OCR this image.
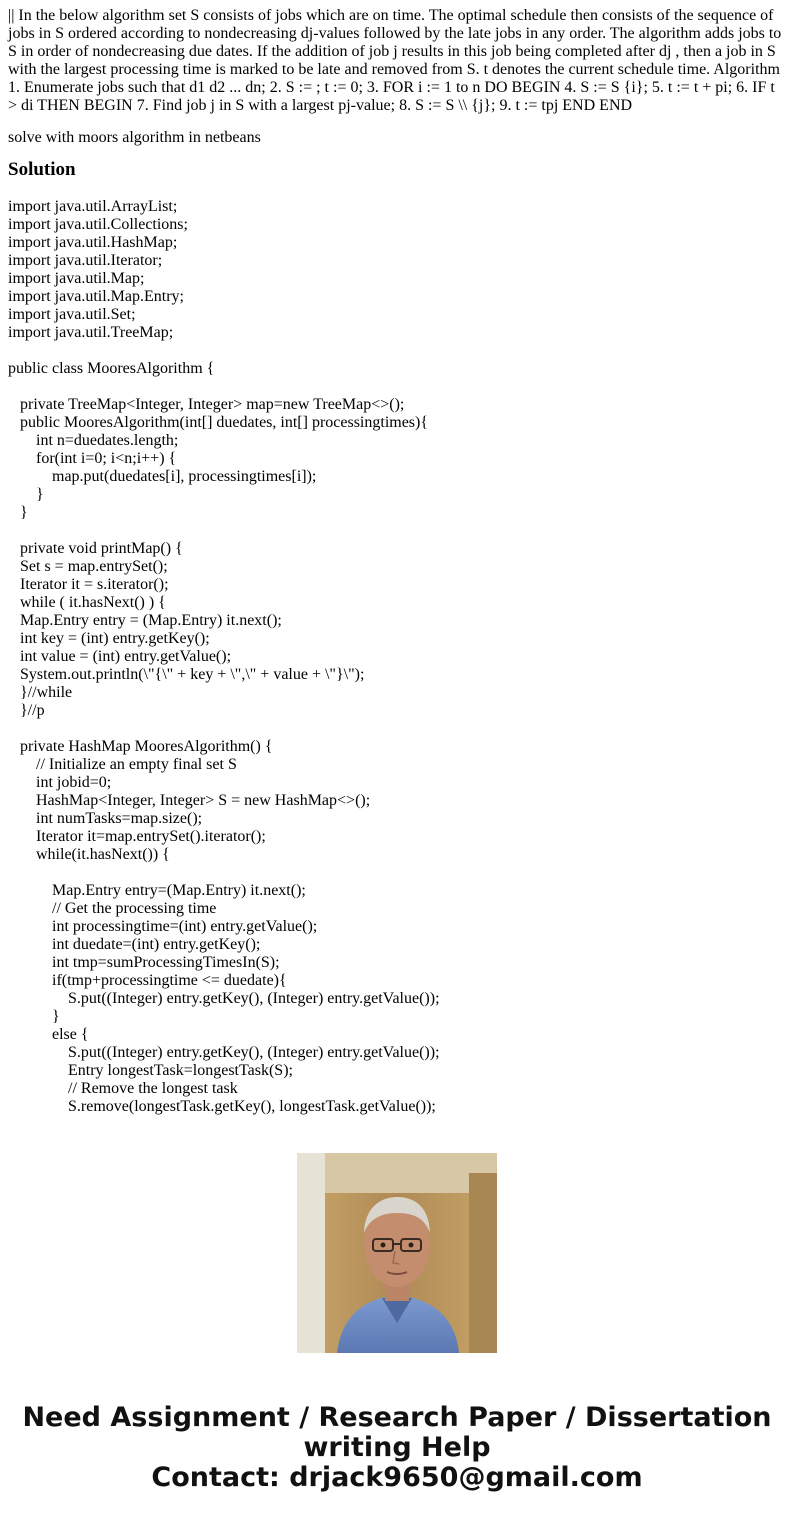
|| In the below algorithm set S consists of jobs which are on time. The optimal schedule then consists of the sequence of jobs in S ordered according to nondecreasing dj-values followed by the late jobs in any order. The algorithm adds jobs to S in order of nondecreasing due dates. If the addition of job j results in this job being completed after dj , then a job in S with the largest processing time is marked to be late and removed from S. t denotes the current schedule time. Algorithm 1. Enumerate jobs such that d1 d2 ... dn; 2. S := ; t := 0; 3. FOR i := 1 to n DO BEGIN 4. S := S {i}; 5. t := t + pi; 6. IF t > di THEN BEGIN 7. Find job j in S with a largest pj-value; 8. S := S \\ {j}; 9. t := tpj END END

solve with moors algorithm in netbeans

Solution
import java.util.ArrayList;
import java.util.Collections;
import java.util.HashMap;
import java.util.Iterator;
import java.util.Map;
import java.util.Map.Entry;
import java.util.Set;
import java.util.TreeMap;
public class MooresAlgorithm {
private TreeMap<Integer, Integer> map=new TreeMap<>();
public MooresAlgorithm(int[] duedates, int[] processingtimes){
int n=duedates.length;
for(int i=0; i<n;i++) {
map.put(duedates[i], processingtimes[i]);
}
}
private void printMap() {
Set s = map.entrySet();
Iterator it = s.iterator();
while ( it.hasNext() ) {
Map.Entry entry = (Map.Entry) it.next();
int key = (int) entry.getKey();
int value = (int) entry.getValue();
System.out.println(\"{\" + key + \",\" + value + \"}\");
}//while
}//p
private HashMap MooresAlgorithm() {
// Initialize an empty final set S
int jobid=0;
HashMap<Integer, Integer> S = new HashMap<>();
int numTasks=map.size();
Iterator it=map.entrySet().iterator();
while(it.hasNext()) {
Map.Entry entry=(Map.Entry) it.next();
// Get the processing time
int processingtime=(int) entry.getValue();
int duedate=(int) entry.getKey();
int tmp=sumProcessingTimesIn(S);
if(tmp+processingtime <= duedate){
S.put((Integer) entry.getKey(), (Integer) entry.getValue());
}
else {
S.put((Integer) entry.getKey(), (Integer) entry.getValue());
Entry longestTask=longestTask(S);
// Remove the longest task
S.remove(longestTask.getKey(), longestTask.getValue());
Need Assignment / Research Paper / Dissertation
writing Help
Contact: drjack9650@gmail.com
